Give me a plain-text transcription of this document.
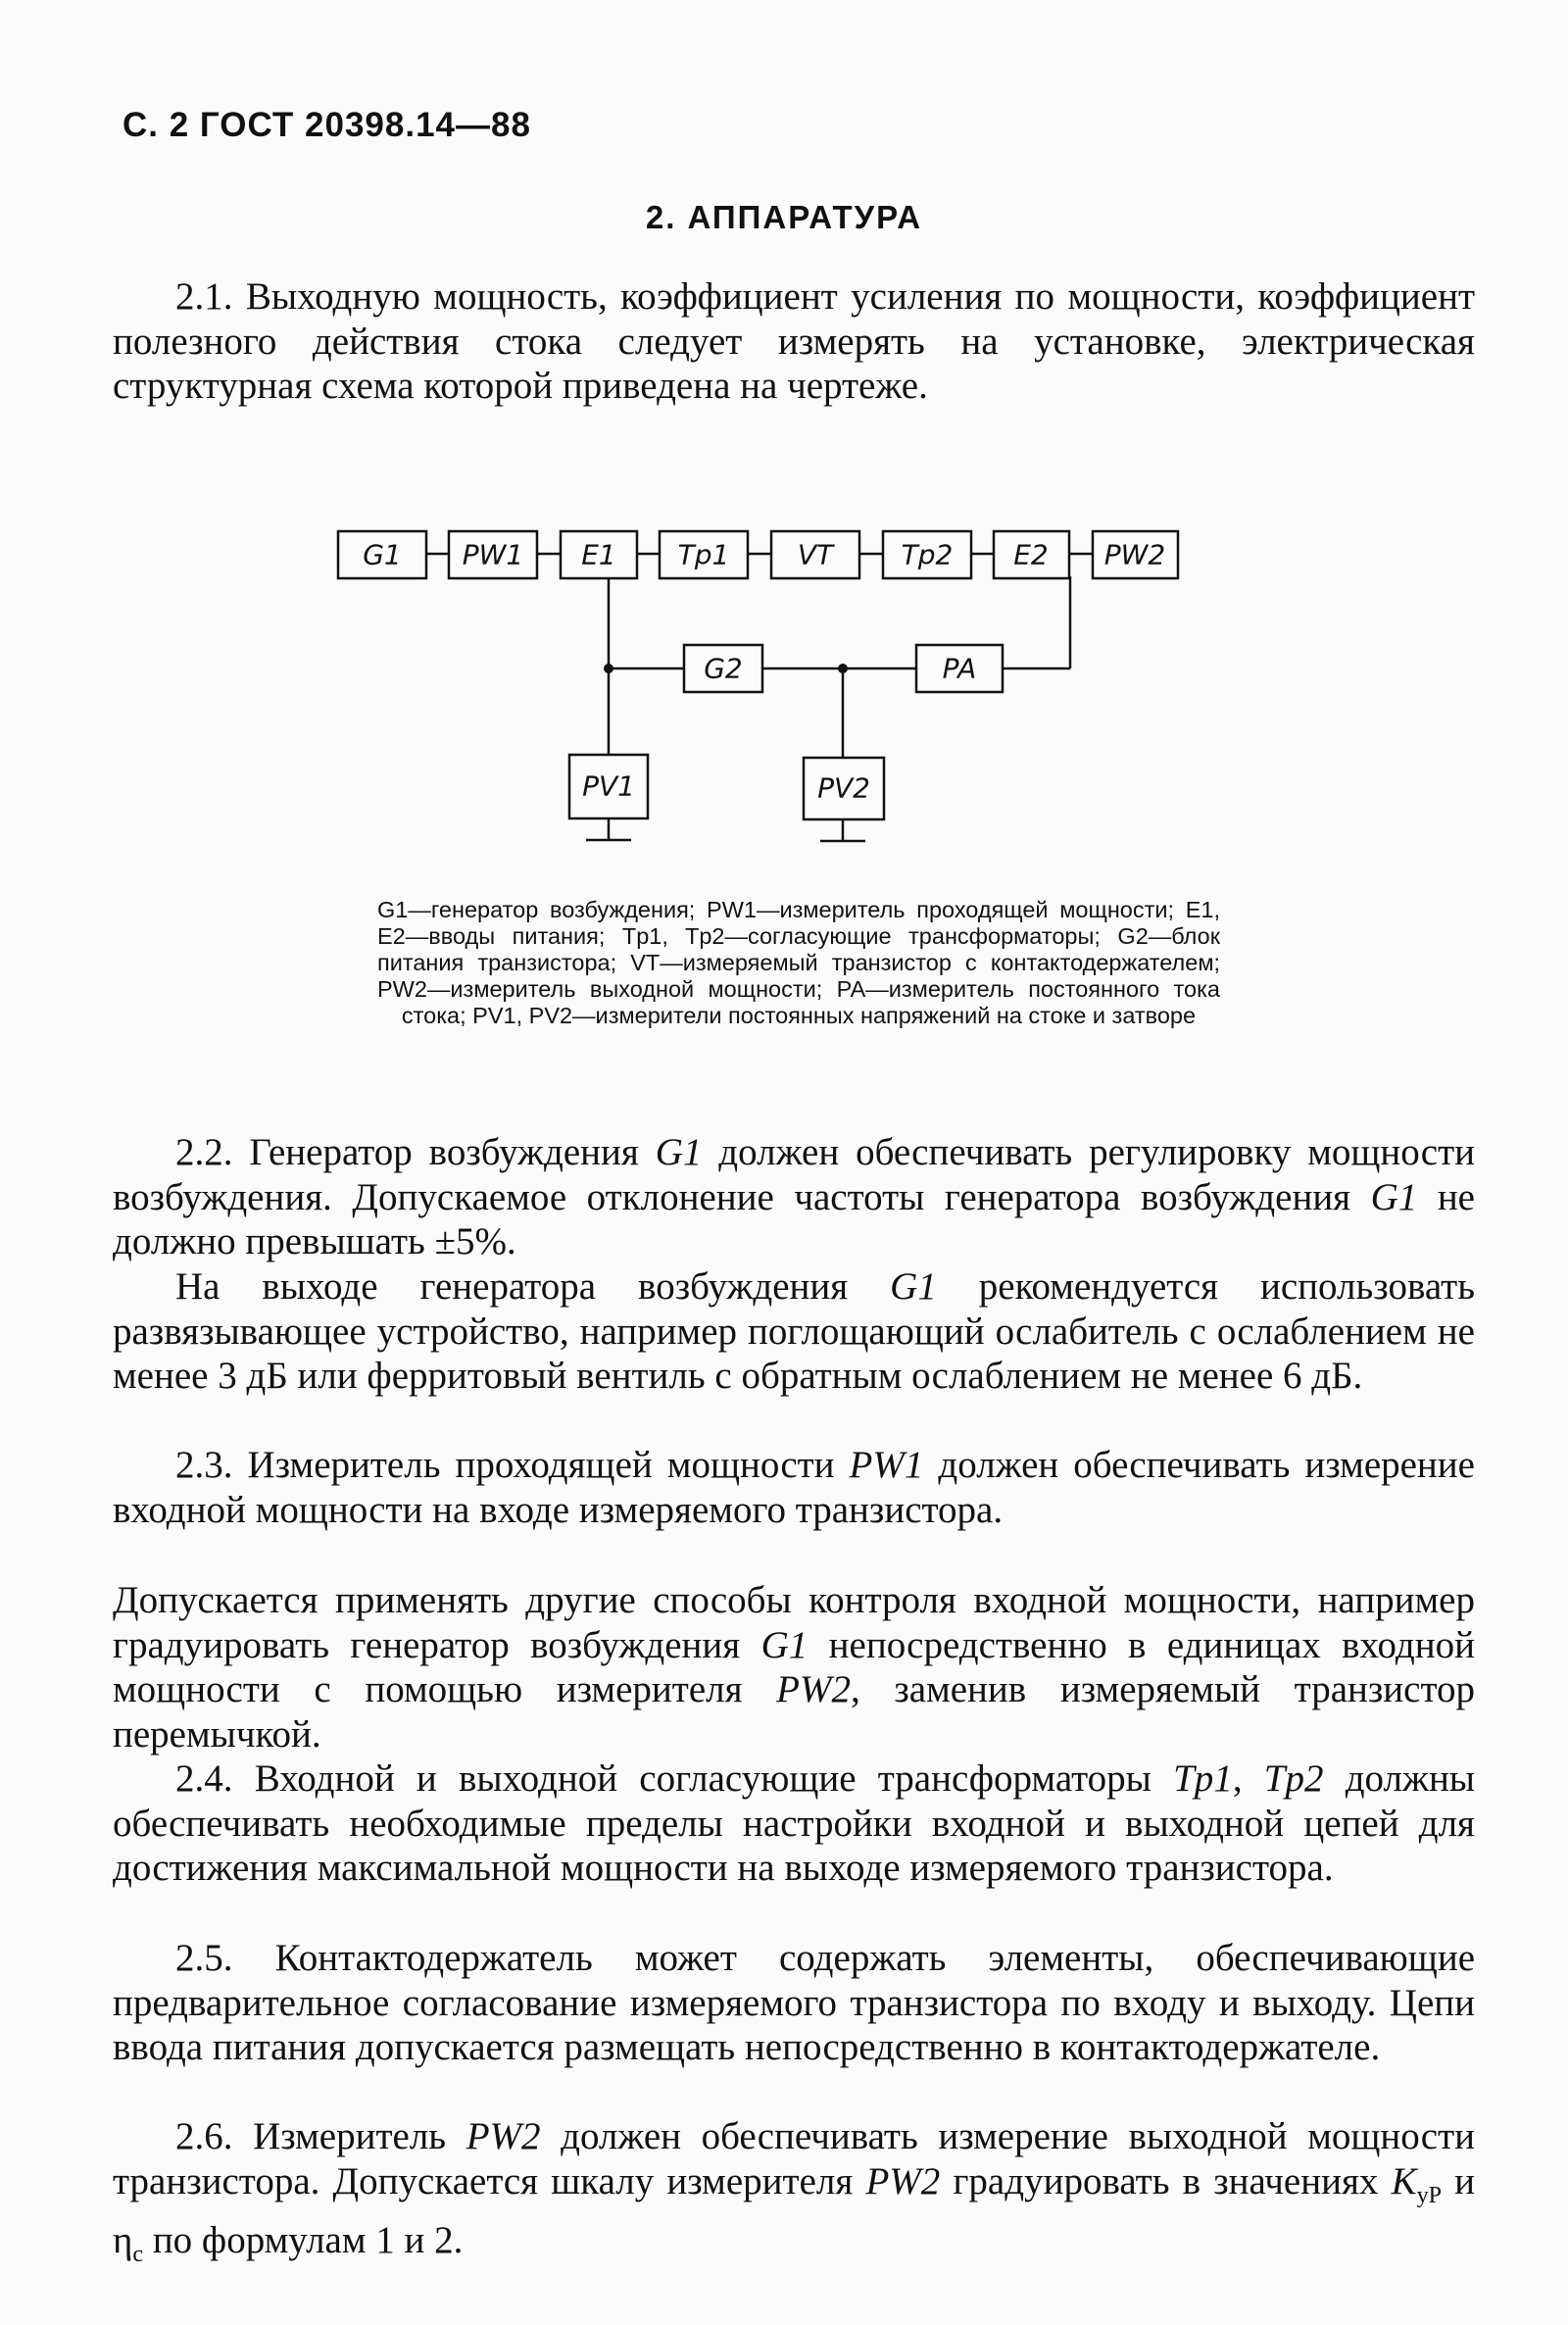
С. 2 ГОСТ 20398.14—88
2. АППАРАТУРА
2.1. Выходную мощность, коэффициент усиления по мощности, коэффициент полезного действия стока следует измерять на установке, электрическая структурная схема которой приведена на чертеже.
G1 PW1 E1 Tp1 VT Tp2 E2 PW2
G2	PA
PV1	PV2
G1—генератор возбуждения; PW1—измеритель проходящей мощности; E1, E2—вводы питания; Tp1, Tp2—согласующие трансформаторы; G2—блок питания транзистора; VT—измеряемый транзистор с контактодержателем; PW2—измеритель выходной мощности; PA—измеритель постоянного тока стока; PV1, PV2—измерители постоянных напряжений на стоке и затворе
2.2. Генератор возбуждения G1 должен обеспечивать регулировку мощности возбуждения. Допускаемое отклонение частоты генератора возбуждения G1 не должно превышать ±5%.
На выходе генератора возбуждения G1 рекомендуется использовать развязывающее устройство, например поглощающий ослабитель с ослаблением не менее 3 дБ или ферритовый вентиль с обратным ослаблением не менее 6 дБ.
2.3. Измеритель проходящей мощности PW1 должен обеспечивать измерение входной мощности на входе измеряемого транзистора.
Допускается применять другие способы контроля входной мощности, например градуировать генератор возбуждения G1 непосредственно в единицах входной мощности с помощью измерителя PW2, заменив измеряемый транзистор перемычкой.
2.4. Входной и выходной согласующие трансформаторы Tp1, Tp2 должны обеспечивать необходимые пределы настройки входной и выходной цепей для достижения максимальной мощности на выходе измеряемого транзистора.
2.5. Контактодержатель может содержать элементы, обеспечивающие предварительное согласование измеряемого транзистора по входу и выходу. Цепи ввода питания допускается размещать непосредственно в контактодержателе.
2.6. Измеритель PW2 должен обеспечивать измерение выходной мощности транзистора. Допускается шкалу измерителя PW2 градуировать в значениях $K_{уР}$ и $\eta_с$ по формулам 1 и 2.
